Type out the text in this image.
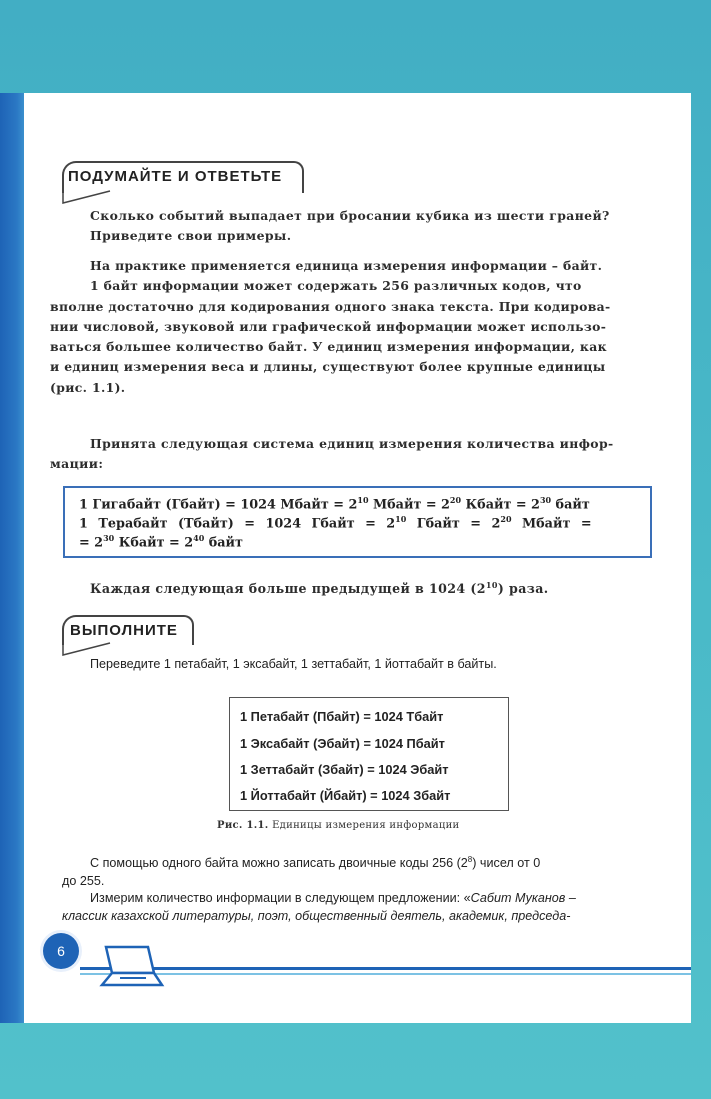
ПОДУМАЙТЕ И ОТВЕТЬТЕ
Сколько событий выпадает при бросании кубика из шести граней?
Приведите свои примеры.
На практике применяется единица измерения информации – байт.
1 байт информации может содержать 256 различных кодов, что
вполне достаточно для кодирования одного знака текста. При кодирова-
нии числовой, звуковой или графической информации может использо-
ваться большее количество байт. У единиц измерения информации, как
и единиц измерения веса и длины, существуют более крупные единицы
(рис. 1.1).
Принята следующая система единиц измерения количества инфор-
мации:
1 Гигабайт (Гбайт) = 1024 Мбайт = $2^{10}$ Мбайт = $2^{20}$ Кбайт = $2^{30}$ байт
1 Терабайт (Тбайт) = 1024 Гбайт = $2^{10}$ Гбайт = $2^{20}$ Мбайт =
= $2^{30}$ Кбайт = $2^{40}$ байт
Каждая следующая больше предыдущей в 1024 $(2^{10})$ раза.
ВЫПОЛНИТЕ
Переведите 1 петабайт, 1 эксабайт, 1 зеттабайт, 1 йоттабайт в байты.
1 Петабайт (Пбайт) = 1024 Тбайт
1 Эксабайт (Эбайт) = 1024 Пбайт
1 Зеттабайт (Збайт) = 1024 Эбайт
1 Йоттабайт (Йбайт) = 1024 Збайт
Рис. 1.1. Единицы измерения информации
С помощью одного байта можно записать двоичные коды 256 $(2^8)$ чисел от 0
до 255.
Измерим количество информации в следующем предложении: «Сабит Муканов –
классик казахской литературы, поэт, общественный деятель, академик, председа-
6
